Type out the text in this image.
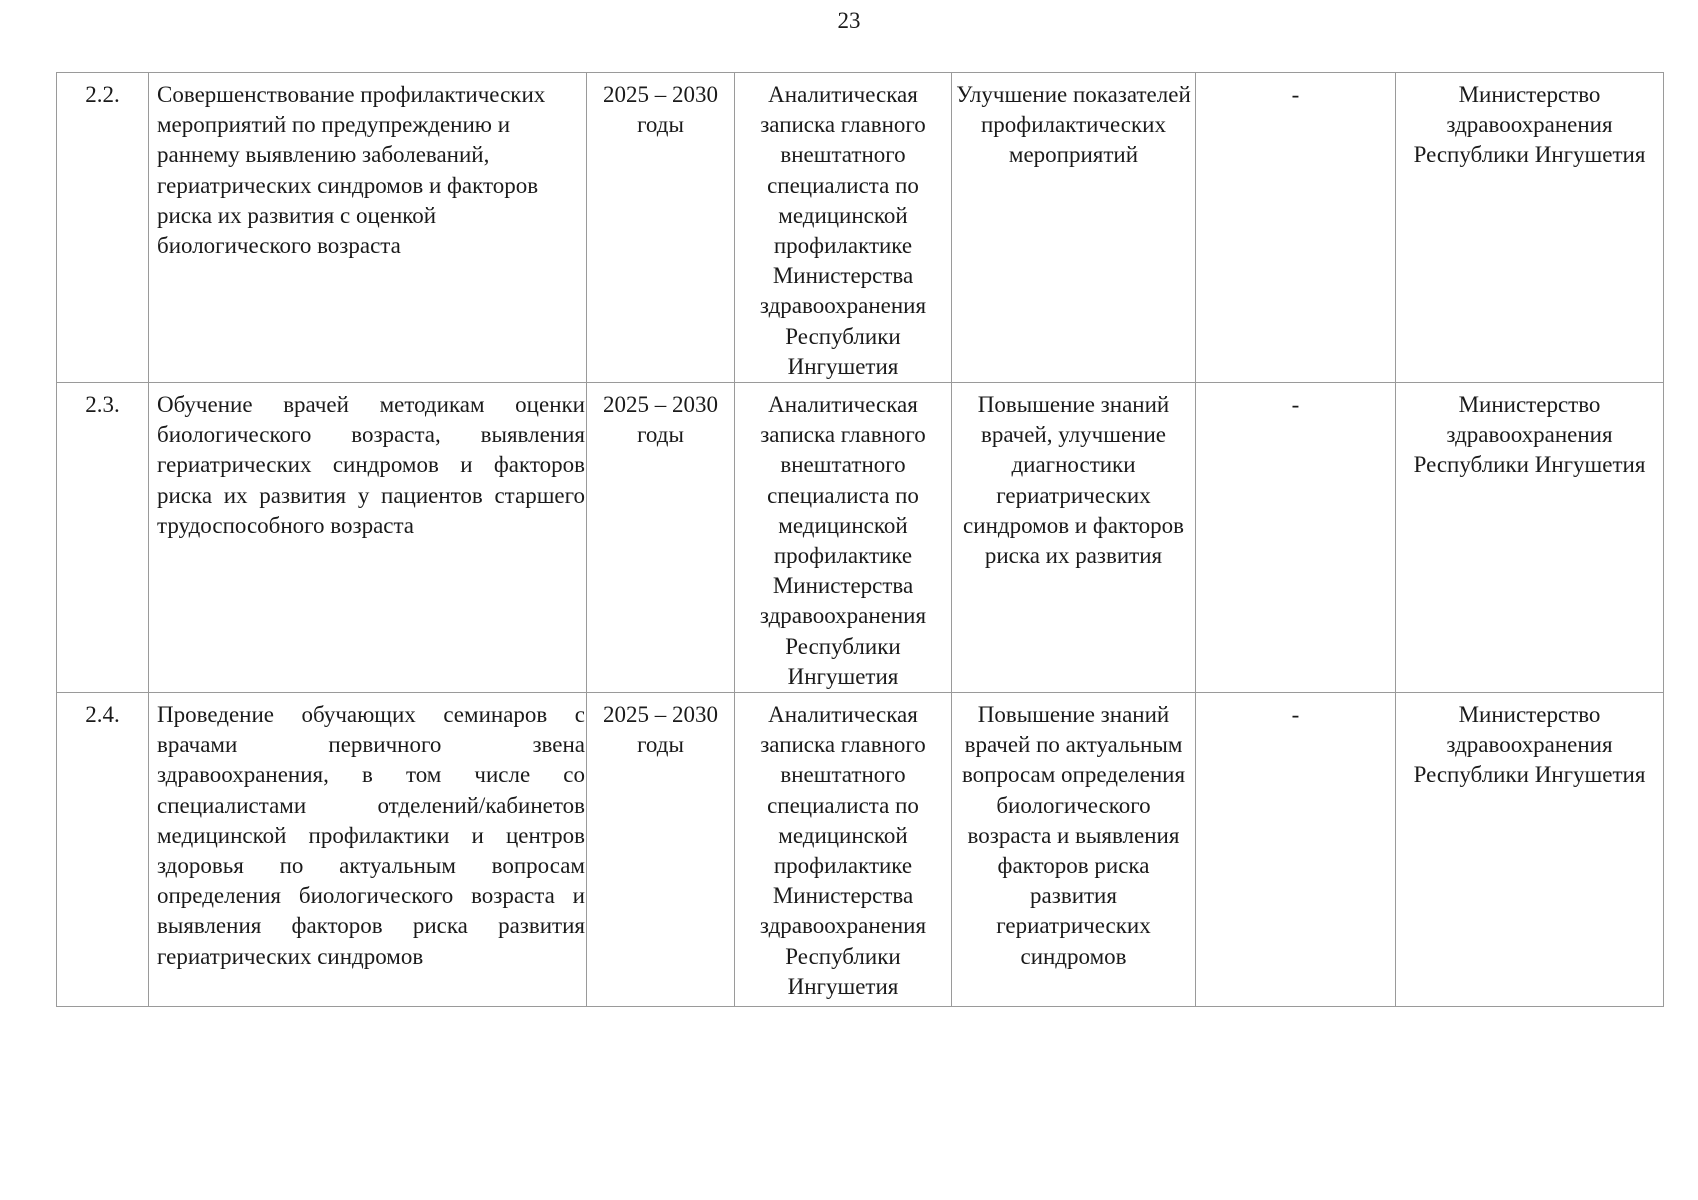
23
2.2.	Совершенствование профилактических мероприятий по предупреждению и раннему выявлению заболеваний, гериатрических синдромов и факторов риска их развития с оценкой биологического возраста	2025 – 2030 годы	Аналитическая записка главного внештатного специалиста по медицинской профилактике Министерства здравоохранения Республики Ингушетия	Улучшение показателей профилактических мероприятий	-	Министерство здравоохранения Республики Ингушетия
2.3.	Обучение врачей методикам оценки биологического возраста, выявления гериатрических синдромов и факторов риска их развития у пациентов старшего трудоспособного возраста	2025 – 2030 годы	Аналитическая записка главного внештатного специалиста по медицинской профилактике Министерства здравоохранения Республики Ингушетия	Повышение знаний врачей, улучшение диагностики гериатрических синдромов и факторов риска их развития	-	Министерство здравоохранения Республики Ингушетия
2.4.	Проведение обучающих семинаров с врачами первичного звена здравоохранения, в том числе со специалистами отделений/кабинетов медицинской профилактики и центров здоровья по актуальным вопросам определения биологического возраста и выявления факторов риска развития гериатрических синдромов	2025 – 2030 годы	Аналитическая записка главного внештатного специалиста по медицинской профилактике Министерства здравоохранения Республики Ингушетия	Повышение знаний врачей по актуальным вопросам определения биологического возраста и выявления факторов риска развития гериатрических синдромов	-	Министерство здравоохранения Республики Ингушетия
